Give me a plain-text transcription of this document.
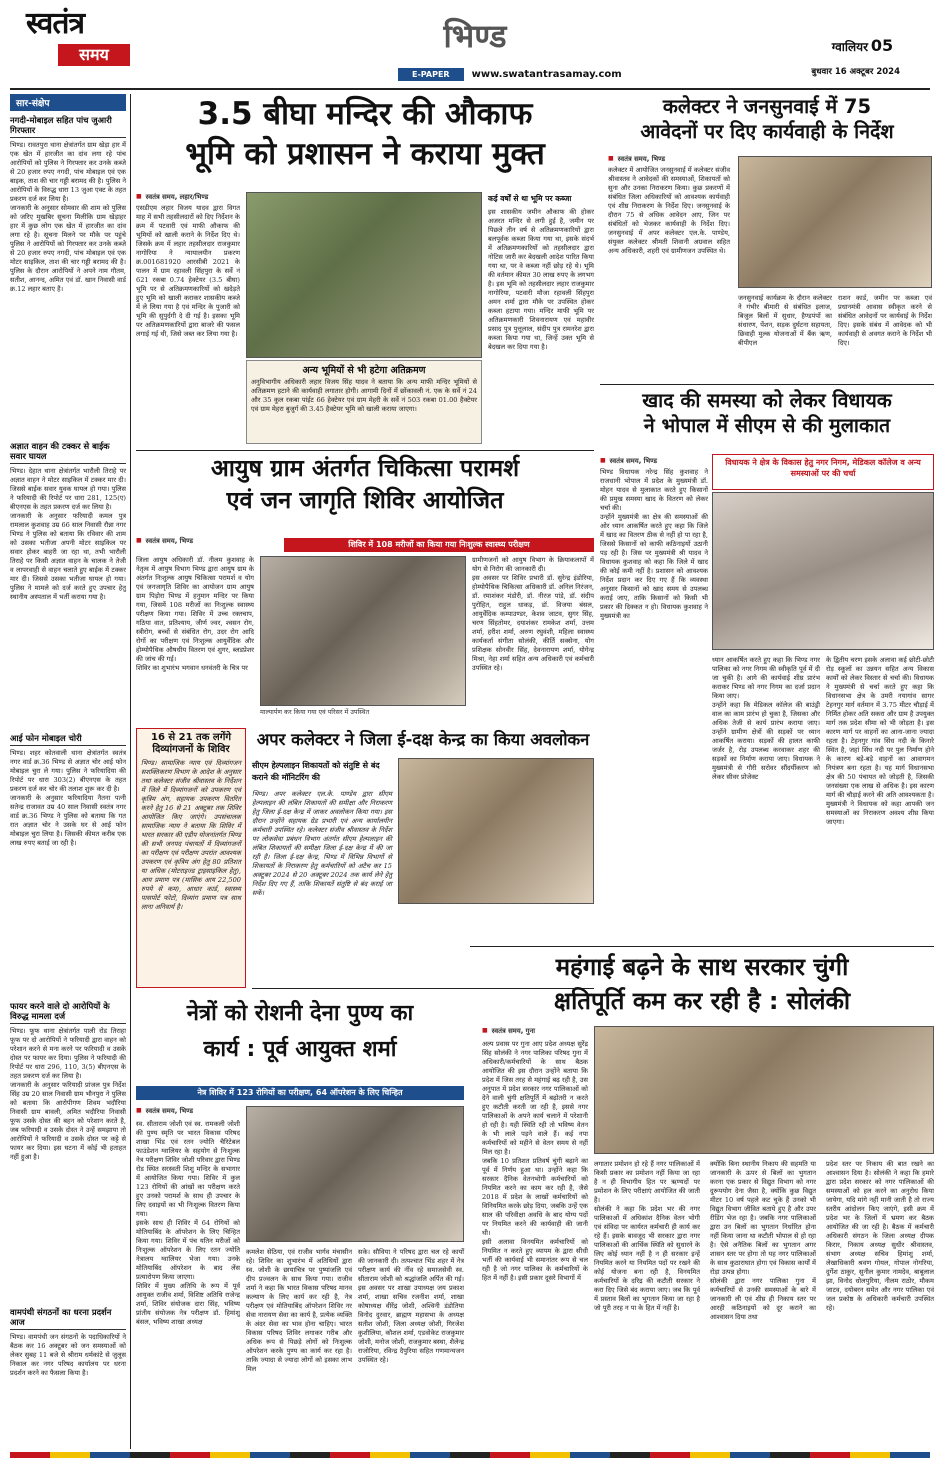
स्वतंत्र
समय	भिण्ड
E-PAPER	www.swatantrasamay.com
ग्वालियर 05
बुधवार 16 अक्टूबर 2024
सार-संक्षेप
नगदी-मोबाइल सहित पांच जुआरी गिरफ्तार
भिण्ड। रावतपुरा थाना क्षेत्रांतर्गत ग्राम खेड़ा हार में एक खेत में हारजीत का दांव लगा रहे पांच आरोपियों को पुलिस ने गिरफ्तार कर उनके कब्जे से 20 हजार रुपए नगदी, पांच मोबाइल एवं एक बाइक, ताश की चार गड्डी बरामद की है। पुलिस ने आरोपियों के विरुद्ध धारा 13 जुआ एक्ट के तहत प्रकरण दर्ज कर लिया है।
जानकारी के अनुसार सोमवार की शाम को पुलिस को जरिए मुखबिर सूचना मिलीकि ग्राम खेड़ाहर हार में कुछ लोग एक खेत में हारजीत का दांव लगा रहे है। सूचना मिलने पर मौके पर पहुंचे पुलिस ने आरोपियों को गिरफ्तार कर उनके कब्जे से 20 हजार रुपए नगदी, पांच मोबाइल एवं एक मोटर साइकिल, ताश की चार गड्डी बरामद की है। पुलिस के दौरान आरोपियों ने अपने नाम गौतम, सतीश, आनन्द, अमित एवं डॉ. खान निवासी वार्ड क्र.12 लहार बताए है।
अज्ञात वाहन की टक्कर से बाईक सवार घायल
भिण्ड। देहात थाना क्षेत्रांतर्गत भारौली तिराहे पर अज्ञात वाहन ने मोटर साइकिल में टक्कर मार दी। जिससे बाईक सवार युवक घायल हो गया। पुलिस ने फरियादी की रिपोर्ट पर धारा 281, 125(ए) बीएनएस के तहत प्रकरण दर्ज कर लिया है।
जानकारी के अनुसार फरियादी कमल पुत्र रामलाल कुशवाह उम्र 66 साल निवासी रौन्ना नगर भिण्ड ने पुलिस को बताया कि रविवार की शाम को उसका भतीजा अपनी मोटर साइकिल पर सवार होकर बाहरी जा रहा था, तभी भारौली तिराहे पर किसी अज्ञात वाहन के चालक ने तेजी व लापरवाही से वाहन चलाते हुए बाईक में टक्कर मार दी। जिससे उसका भतीजा घायल हो गया। पुलिस ने मामले को दर्ज करते हुए उपचार हेतु स्थानीय अस्पताल में भर्ती कराया गया है।
आई फोन मोबाइल चोरी
भिण्ड। शहर कोतवाली थाना क्षेत्रांतर्गत स्वतंत्र नगर वार्ड क्र.36 भिण्ड से अज्ञात चोर आई फोन मोबाइल चुरा ले गया। पुलिस ने फरियादिया की रिपोर्ट पर धारा 303(2) बीएनएस के तहत प्रकरण दर्ज कर चोर की तलाश शुरू कर दी है।
जानकारी के अनुसार फरियादिया नैतना पत्नी सतेन्द्र राजावत उम्र 40 साल निवासी स्वतंत्र नगर वार्ड क्र.36 भिण्ड ने पुलिस को बताया कि गत रात अज्ञात चोर ने उसके घर से आई फोन मोबाइल चुरा लिया है। जिसकी कीमत करीब एक लाख रुपए बताई जा रही है।
फायर करने वाले दो आरोपियों के विरुद्ध मामला दर्ज
भिण्ड। फूफ थाना क्षेत्रांतर्गत पाली रोड तिराहा फूफ पर दो आरोपियों ने फरियादी द्वारा वाहन को परेशान करने से मना करने पर फरियादी व उसके दोस्त पर फायर कर दिया। पुलिस ने फरियादी की रिपोर्ट पर धारा 296, 110, 3(5) बीएनएस के तहत प्रकरण दर्ज कर लिया है।
जानकारी के अनुसार फरियादी प्रांजल पुत्र निर्देश सिंह उम्र 20 साल निवासी ग्राम भौनपुरा ने पुलिस को बताया कि आरोपीगण शिवम भदौरिया निवासी ग्राम बावली, अमित भदौरिया निवासी फूफ उसके दोस्त की बहन को परेशान करते है, जब फरियादी व उसके दोस्त ने उन्हें समझाया तो आरोपियों ने फरियादी व उसके दोस्त पर कट्टे से फायर कर दिया। इस घटना में कोई भी हताहत नहीं हुआ है।
वामपंथी संगठनों का धरना प्रदर्शन आज
भिण्ड। वामपंथी जन संगठनों के पदाधिकारियों ने बैठक कर 16 अक्टूबर को जन समस्याओं को लेकर सुबह 11 बजे से श्रीराम धर्मकांटे से जुलूस निकाल कर नगर परिषद कार्यालय पर धरना प्रदर्शन करने का फैसला किया है।
3.5 बीघा मन्दिर की औकाफ
भूमि को प्रशासन ने कराया मुक्त
■ स्वतंत्र समय, लहार/भिण्ड
एसडीएम लहार विजय यादव द्वारा विगत माह में सभी तहसीलदारों को दिए निर्देशन के क्रम में पटवारी एवं माफी औकाफ की भूमियों को खाली कराने के निर्देश दिए थे। जिसके क्रम में लहार तहसीलदार राजकुमार नागोरिया ने न्यायालयीन प्रकरण क्र.001681920 आरसीबी 2021 के पालन में ग्राम रहावली सिंहपुरा के सर्वे नं 621 रकबा 0.74 हेक्टेयर (3.5 बीघा) भूमि पर से अतिक्रमणकारियों को खदेड़ते हुए भूमि को खाली कराकर शासकीय कब्जे में ले लिया गया है एवं मन्दिर के पुजारी को भूमि की सुपुर्दगी दे दी गई है। इसका भूमि पर अतिक्रमणकारियों द्वारा बाजरे की फसल लगाई गई थी, जिसे जब्त कर लिया गया है।
अन्य भूमियों से भी हटेगा अतिक्रमण
अनुविभागीय अधिकारी लहार विजय सिंह यादव ने बताया कि अन्य माफी मन्दिर भूमियों से अतिक्रमण हटाने की कार्यवाही लगातार होगी। आगामी दिनों में छोंकावली नं. एक के सर्वे नं 24 और 35 कुल रकबा पांईट 66 हेक्टेयर एवं ग्राम मेहरी के सर्वे नं 503 रकबा 01.00 हैक्टेयर एवं ग्राम मेहरा बुजुर्ग की 3.45 हैक्टेयर भूमि को खाली कराया जाएगा।
कई वर्षों से था भूमि पर कब्जा
इस शासकीय जमीन औकाफ की होकर अजरत मन्दिर से लगी हुई है, जमीन पर पिछले तीन वर्ष से अतिक्रमणकारियों द्वारा बलपूर्वक कब्जा किया गया था, इसके संदर्भ में अतिक्रमणकारियों को तहसीलदार द्वारा नोटिस जारी कर बेदखली आदेश पारित किया गया था, पर वे कब्जा नहीं छोड़ रहे थे। भूमि की वर्तमान कीमत 30 लाख रुपए के लगभग है। इस भूमि को तहसीलदार लहार राजकुमार नागोरिया, पटवारी मौजा रहावली सिंहपुरा अमन शर्मा द्वारा मौके पर उपस्थित होकर कब्जा हटाया गया। मन्दिर माफी भूमि पर अतिक्रमणकारी शिवनारायण एवं महावीर प्रसाद पुत्र पुत्तूलाल, संदीप पुत्र रामनरेश द्वारा कब्जा किया गया था, जिन्हें उक्त भूमि से बेदखल कर दिया गया है।
कलेक्टर ने जनसुनवाई में 75
आवेदनों पर दिए कार्यवाही के निर्देश
■ स्वतंत्र समय, भिण्ड
कलेक्टर में आयोजित जनसुनवाई में कलेक्टर संजीव श्रीवास्तव ने आवेदकों की समस्याओं, शिकायतों को सुना और उनका निराकरण किया। कुछ प्रकरणों में संबंधित जिला अधिकारियों को आवश्यक कार्यवाही एवं शीघ्र निराकरण के निर्देश दिए। जनसुनवाई के दौरान 75 से अधिक आवेदन आए, जिन पर संबंधितों को भेजकर कार्यवाही के निर्देश दिए। जनसुनवाई में अपर कलेक्टर एल.के. पाण्डेय, संयुक्त कलेक्टर श्रीमती शिवानी अग्रवाल सहित अन्य अधिकारी, शहरी एवं ग्रामीणजन उपस्थित थे।
जनसुनवाई कार्यक्रम के दौरान कलेक्टर ने गंभीर बीमारी से संबंधित इलाज, बिजुल बिलों में सुधार, हैण्डपंपों का संधारण, पेंशन, सड़क दुर्घटना सहायता, छिवाही मुल्क योजनाओं में बैंक ऋण, बीपीएल
राशन कार्ड, जमीन पर कब्जा एवं प्रधानमंत्री आवास स्वीकृत करने से संबंधित आवेदनों पर कार्यवाई के निर्देश दिए। इसके संबंध में आवेदक को भी कार्यवाही से अवगत कराने के निर्देश भी दिए।
खाद की समस्या को लेकर विधायक
ने भोपाल में सीएम से की मुलाकात
■ स्वतंत्र समय, भिण्ड
भिण्ड विधायक नरेन्द्र सिंह कुशवाह ने राजधानी भोपाल में प्रदेश के मुख्यमंत्री डॉ. मोहन यादव से मुलाकात करते हुए किसानों की प्रमुख समस्या खाद के वितरण को लेकर चर्चा की।
उन्होंने मुख्यमंत्री का क्षेत्र की समस्याओं की ओर ध्यान आकर्षित करते हुए कहा कि जिले में खाद का वितरण ठीक से नहीं हो पा रहा है, जिससे किसानों को काफी कठिनाइयों उठानी पड़ रही है। जिस पर मुख्यमंत्री श्री यादव ने विधायक कुशवाह को कहा कि जिले में खाद की कोई कमी नहीं है। प्रशासन को आवश्यक निर्देश प्रदान कर दिए गए हैं कि व्यवस्था अनुसार किसानों को खाद समय से उपलब्ध कराई जाए, ताकि किसानों को किसी भी प्रकार की दिक्कत न हो। विधायक कुशवाह ने मुख्यमंत्री का
विधायक ने क्षेत्र के विकास हेतु नगर निगम, मेडिकल कॉलेज व अन्य समस्याओं पर की चर्चा
ध्यान आकर्षित करते हुए कहा कि भिण्ड नगर पालिका को नगर निगम की स्वीकृति पूर्व में दी जा चुकी है। आगे की कार्यवाई शीघ्र प्रारंभ कराकर भिण्ड को नगर निगम का दर्जा प्रदान किया जाए।
उन्होंने कहा कि मेडिकल कॉलेज की बाउंड्री वाल का काम प्रारंभ हो चुका है, जिसका और अधिक तेजी से कार्य प्रारंभ कराया जाए। उन्होंने ग्रामीण क्षेत्रों की सड़कों पर ध्यान आकर्षित कराया। सड़कों की हालत काफी जर्जर है, रोड़ उपलब्ध करवाकर शहर की सड़कों का निर्माण कराया जाए। विधायक ने मुख्यमंत्री से गौरी सरोवर सौंदर्यीकरण को लेकर सीवर प्रोजेक्ट
के द्वितीय चरण इसके अलावा कई छोटी-छोटी रोड़ स्कूलों का उन्नयन सहित अन्य विकास कार्यों को लेकर विस्तार से चर्चा की। विधायक ने मुख्यमंत्री से चर्चा करते हुए कहा कि विधानसभा क्षेत्र के उमरी नयागांव सागर टेहनगुर मार्ग वर्तमान में 3.75 मीटर चौड़ाई में निर्मित होकर अति सकरा और ग्राम है उपयुक्त मार्ग तक प्रदेश सीमा को भी जोड़ता है। इस कारण मार्ग पर वाहनों का आना-जाना ज्यादा रहता है। टेहनगुर गांव सिंध नदी के किनारे स्थित है, जहां सिंध नदी पर पुल निर्माण होने के कारण बड़े-बड़े वाहनों का आवागमन नियंत्रण बना रहता है। यह मार्ग विधानसभा क्षेत्र की 50 पंचायत को जोड़ती है, जिसकी जनसंख्या एक लाख से अधिक है। इस कारण मार्ग की चौड़ाई करने की अति आवश्यकता है। मुख्यमंत्री ने विधायक को कहा आपकी जन समस्याओं का निराकरण अवश्य शीघ्र किया जाएगा।
आयुष ग्राम अंतर्गत चिकित्सा परामर्श
एवं जन जागृति शिविर आयोजित
■ स्वतंत्र समय, भिण्ड	शिविर में 108 मरीजों का किया गया निःशुल्क स्वास्थ्य परीक्षण
जिला आयुष अधिकारी डॉ. नीलम कुशवाह के नेतृत्व में आयुष विभाग भिण्ड द्वारा आयुष ग्राम के अंतर्गत निःशुल्क आयुष चिकित्सा परामर्श व योग एवं जनजागृति शिविर का आयोजन ग्राम आयुष ग्राम पिड़ोरा भिण्ड में हनुमान मन्दिर पर किया गया, जिसमें 108 मरीजों का निःशुल्क स्वास्थ्य परीक्षण किया गया। शिविर में उच्च रक्तचाप, गठिया वात, प्रतिश्याय, जीर्ण ज्वर, श्वसन रोग, स्त्रीरोग, बच्चों से संबंधित रोग, उदर रोग आदि रोगों का परीक्षण एवं निःशुल्क आयुर्वेदिक और होम्योपैथिक औषधीय वितरण एवं शुगर, ब्लडप्रेशर की जांच की गई।
शिविर का शुभारंभ भगवान धनवंतरी के चित्र पर
माल्यार्पण कर किया गया एवं परिसर में उपस्थित
ग्रामीणजनों को आयुष विभाग के क्रियाकलापों में योग से निरोग की जानकारी दी।
इस अवसर पर शिविर प्रभारी डॉ. सुरेन्द्र इंडोरिया, होम्योपैथिक चिकित्सा अधिकारी डॉ. अनिल निरंजन, डॉ. रमाशंकर मंडोरी, डॉ. नीरज पांडे, डॉ. संदीप पुरोहित, राहुल धाकड़, डॉ. विजया बंसल, आयुर्वेदिक कम्पाउण्डर, केशव जाटव, सुगर सिंह, चरण सिंहतोमर, दयाशंकर रामकेश शर्मा, उत्तम शर्मा, हरीश शर्मा, अरुण रघुवंशी, महिला स्वास्थ्य कार्यकर्ता संगीता सोलंकी, कीर्ति सक्सेना, योग प्रशिक्षक सोनवीर सिंह, देवनारायण शर्मा, योगेन्द्र मिश्रा, नेहा शर्मा सहित अन्य अधिकारी एवं कर्मचारी उपस्थित रहे।
16 से 21 तक लगेंगे
दिव्यांगजनों के शिविर
भिण्ड। सामाजिक न्याय एवं दिव्यांगजन सशक्तिकरण विभाग के आदेश के अनुसार तथा कलेक्टर संजीव श्रीवास्तव के निर्देशन में जिले में दिव्यांगजनों को उपकरण एवं कृत्रिम अंग, सहायक उपकरण वितरित करने हेतु 16 से 21 अक्टूबर तक शिविर आयोजित किए जाएंगे। उपसंचालक सामाजिक न्याय ने बताया कि शिविर में भारत सरकार की एडीप योजनांतर्गत भिण्ड की सभी जनपद पंचायतों में दिव्यांगजनों का परीक्षण एवं परीक्षण उपरांत आवश्यक उपकरण एवं कृत्रिम अंग हेतु 80 प्रतिशत या अधिक (मोटराइज्ड ट्राइसाइकिल हेतु), आय प्रमाण पत्र (मासिक आय 22,500 रुपये से कम), आधार कार्ड, स्वास्थ्य पासपोर्ट फोटो, दिव्यांग प्रमाण पत्र साथ लाना अनिवार्य है।
अपर कलेक्टर ने जिला ई-दक्ष केन्द्र का किया अवलोकन
सीएम हेल्पलाइन शिकायतों को संतुष्टि से बंद कराने की मॉनिटरिंग की
भिण्ड। अपर कलेक्टर एल.के. पाण्डेय द्वारा सीएम हेल्पलाइन की लंबित शिकायतों की समीक्षा और निराकरण हेतु जिला ई-दक्ष केन्द्र में जाकर अवलोकन किया गया। इस दौरान उन्होंने सहायक ग्रेड प्रभारी एवं अन्य कार्यालयीन कर्मचारी उपस्थित रहे। कलेक्टर संजीव श्रीवास्तव के निर्देश पर लोकसेवा प्रबंधन विभाग अंतर्गत सीएम हेल्पलाइन की लंबित शिकायतों की समीक्षा जिला ई-दक्ष केन्द्र में की जा रही है। जिला ई-दक्ष केन्द्र, भिण्ड में विभिन्न विभागों से शिकायतों के निराकरण हेतु कर्मचारियों को अटैच कर 15 अक्टूबर 2024 से 20 अक्टूबर 2024 तक कार्य लेने हेतु निर्देश दिए गए हैं, ताकि शिकायतें संतुष्टि से बंद कराई जा सकें।
महंगाई बढ़ने के साथ सरकार चुंगी
क्षतिपूर्ति कम कर रही है : सोलंकी
■ स्वतंत्र समय, गुना
अल्प प्रवास पर गुना आए प्रदेश अध्यक्ष सुरेंद्र सिंह सोलंकी ने नगर पालिका परिषद गुना में अधिकारी/कर्मचारियों के साथ बैठक आयोजित की इस दौरान उन्होंने बताया कि प्रदेश में जिस तरह से महंगाई बढ़ रही है, उस अनुपात में प्रदेश सरकार नगर पालिकाओं को देने वाली चुंगी क्षतिपूर्ति में बढ़ोतरी न करते हुए कटौती करती जा रही है, इससे नगर पालिकाओं के अपने कार्य चलाने में परेशानी हो रही है। यही स्थिति रही तो भविष्य वेतन के भी लाले पड़ने वाले हैं। कई नपा कर्मचारियों को महीने से वेतन समय से नहीं मिल रहा है।
जबकि 10 प्रतिशत प्रतिवर्ष चुंगी बढ़ाने का पूर्व में निर्णय हुआ था। उन्होंने कहा कि सरकार दैनिक वेतनभोगी कर्मचारियों को नियमित करने का काम कर रही है, जैसे 2018 में प्रदेश के लाखों कर्मचारियों को विनियमित करके छोड़ दिया, जबकि उन्हें एक साल की परिवीक्षा अवधि के बाद योग्य पदों पर नियमित करने की कार्यवाही की जानी थी।
इसी अलावा विनयमित कर्मचारियों को नियमित न करते हुए व्यापम के द्वारा सीधी भर्ती की कार्यवाई भी समानांतर रूप से चल रही है जो नगर पालिका के कर्मचारियों के हित में नहीं है। इसी प्रकार दूसरे विभागों में
लगातार प्रमोशन हो रहे हैं नगर पालिकाओं में किसी प्रकार का प्रमोशन नहीं किया जा रहा है न ही विभागीय हित पर ऋण्यदों पर प्रमोशन के लिए परीक्षाएं आयोजित की जाती है।
सोलंकी ने कहा कि प्रदेश भर की नगर पालिकाओं में अधिकांश दैनिक वेतन भोगी एवं संविदा पर कार्यरत कर्मचारी ही कार्य कर रहे हैं। इसके बावजूद भी सरकार द्वारा नगर पालिकाओं की आर्थिक स्थिति को सुधारने के लिए कोई ध्यान नहीं है न ही सरकार इन्हें नियमित करने या नियमित पदों पर रखने की कोई योजना बना रही है, विनयमित कर्मचारियों के दरिद्र की कटौती सरकार ने करा दिए जिसे बंद कराया जाए। जब कि पूर्व में प्रस्ताव बिलों का भुगतान किया जा रहा है जो पूरी तरह न पा के हित में नहीं है।
क्योंकि बिना स्थानीय निकाय की सहमति या जानकारी के ऊपर से बिलों का भुगतान करना एक प्रकार से विद्युत विभाग को नगर दुरूपयोग देना जैसा है, क्योंकि कुछ विद्युत मीटर 10 वर्ष पहले कट चुके हैं उनको भी विद्युत विभाग जीवित बताये हुए है और उपर रीडिंग भेज रहा है। जबकि नगर पालिकाओं द्वारा उन बिलों का भुगतान निर्धारित होना नहीं किया जाना था कटौती भोपाल से हो रहा है। ऐसे अनैतिक बिलों का भुगतान अगर शासन स्तर पर होगा तो यह नगर पालिकाओं के साथ कुठाराघात होगा एवं विकास कार्यों में रोड़ा उत्पन्न होगा।
सोलंकी द्वारा नगर पालिका गुना में कर्मचारियों से उनकी समस्याओं के बारे में जानकारी ली एवं शीघ्र ही निकाय स्तर पर आरही कठिनाइयों को दूर कराने का आश्वासन दिया तथा
प्रदेश स्तर पर निकाय की बात रखने का आश्वासन दिया है। सोलंकी ने कहा कि हमारे द्वारा प्रदेश सरकार को नगर पालिकाओं की समस्याओं को हल करने का अनुरोध किया जायेगा, यदि मांगे नहीं मानी जाती है तो राज्य स्तरीय आंदोलन किए जाएंगे, इसी क्रम में प्रदेश भर के जिलों में भ्रमण कर बैठक आयोजित की जा रही है। बैठक में कर्मचारी अधिकारी संगठन के जिला अध्यक्ष दीपक किरार, निकाय अध्यक्ष सुधीर श्रीवास्तव, संभाग अध्यक्ष सचिव हिमांशु शर्मा, लेखाधिकारी श्रवण गोयल, गोपाल नोगरिया, दुर्गेश ठाकुर, सुनील कुमार नामदेव, बाबूलाल झा, विनोद धोलपुरिया, नीलम राठोर, मौकम जाटव, दयोबरन समेत और नगर पालिका एवं जल प्रकोष्ठ के अधिकारी कर्मचारी उपस्थित रहे।
नेत्रों को रोशनी देना पुण्य का
कार्य : पूर्व आयुक्त शर्मा
नेत्र शिविर में 123 रोगियों का परीक्षण, 64 ऑपरेशन के लिए चिन्हित
■ स्वतंत्र समय, भिण्ड
स्व. सीताराम जोशी एवं स्व. रामकली जोशी की पुण्य स्मृति पर भारत विकास परिषद शाखा भिंड एवं रतन ज्योति चैरिटेबल फाउंडेशन ग्वालियर के सहयोग से निःशुल्क नेत्र परीक्षण शिविर जोशी परिवार द्वारा भिण्ड रोड स्थित सरस्वती शिशु मन्दिर के सभागार में आयोजित किया गया। शिविर में कुल 123 रोगियों की आंखों का परीक्षण करते हुए उनको परामर्श के साथ ही उपचार के लिए दवाइयों का भी निःशुल्क वितरण किया गया।
इसके साथ ही शिविर में 64 रोगियों को मोतियाबिंद के ऑपरेशन के लिए चिन्हित किया गया। शिविर में पंच यतिन मरीजों को निःशुल्क ऑपरेशन के लिए रतन ज्योति नेत्रालय ग्वालियर भेजा गया। उनके मोतियाबिंद ऑपरेशन के बाद लेंस प्रत्यारोपण किया जाएगा।
शिविर में मुख्य अतिथि के रूप में पूर्व आयुक्त राजीव शर्मा, विशिष्ट अतिथि राजेन्द्र शर्मा, शिविर संयोजक दारा सिंह, भविष्य प्रांतीय संयोजक नेत्र परीक्षण डॉ. हिमांशु बंसल, भविष्य शाखा अध्यक्ष
कमलेश सेठिया, एवं राजीव भार्गव मंचासीन रहे। शिविर का शुभारंभ में अतिथियों द्वारा स्व. जोशी के छायाचित्र पर पुष्पांजलि एवं दीप प्रज्वलन के साथ किया गया। राजीव शर्मा ने कहा कि भारत विकास परिषद मानव कल्याण के लिए कार्य कर रही है, नेत्र परीक्षण एवं मोतियाबिंद ऑपरेशन शिविर नर सेवा नारायण सेवा का कार्य है, प्रत्येक व्यक्ति के अंदर सेवा का भाव होना चाहिए। भारत विकास परिषद शिविर लगाकर गरीब और अधिक रूप से पिछड़े लोगों को निःशुल्क ऑपरेशन करके पुण्य का कार्य कर रहा है। ताकि ज्यादा से ज्यादा लोगों को इसका लाभ मिल
सके। सौविया ने परिषद द्वारा चल रहे कार्यों की जानकारी दी। तत्पश्चात भिंड शहर में नेत्र परीक्षण कार्य की नींव रहे समाजसेवी स्व. सीताराम जोशी को श्रद्धांजलि अर्पित की गई। इस अवसर पर शाखा उपाध्यक्ष जय प्रकाश शर्मा, शाखा सचिव रजनीश शर्मा, शाखा कोषाध्यक्ष वीरेंद्र जोशी, अश्विनी डंडोतिया विनोद दुरवार, ब्राह्मण महासभा के अध्यक्ष सतीश जोशी, जिला अध्यक्ष जोशी, गिरजेश कुशीलिया, कौशल शर्मा, एडवोकेट राजकुमार जोशी, मनोज जोशी, राजकुमार बस्था, शैलेन्द्र राजोरिया, रविन्द्र दैपुरिया सहित गणमान्यजन उपस्थित रहे।
